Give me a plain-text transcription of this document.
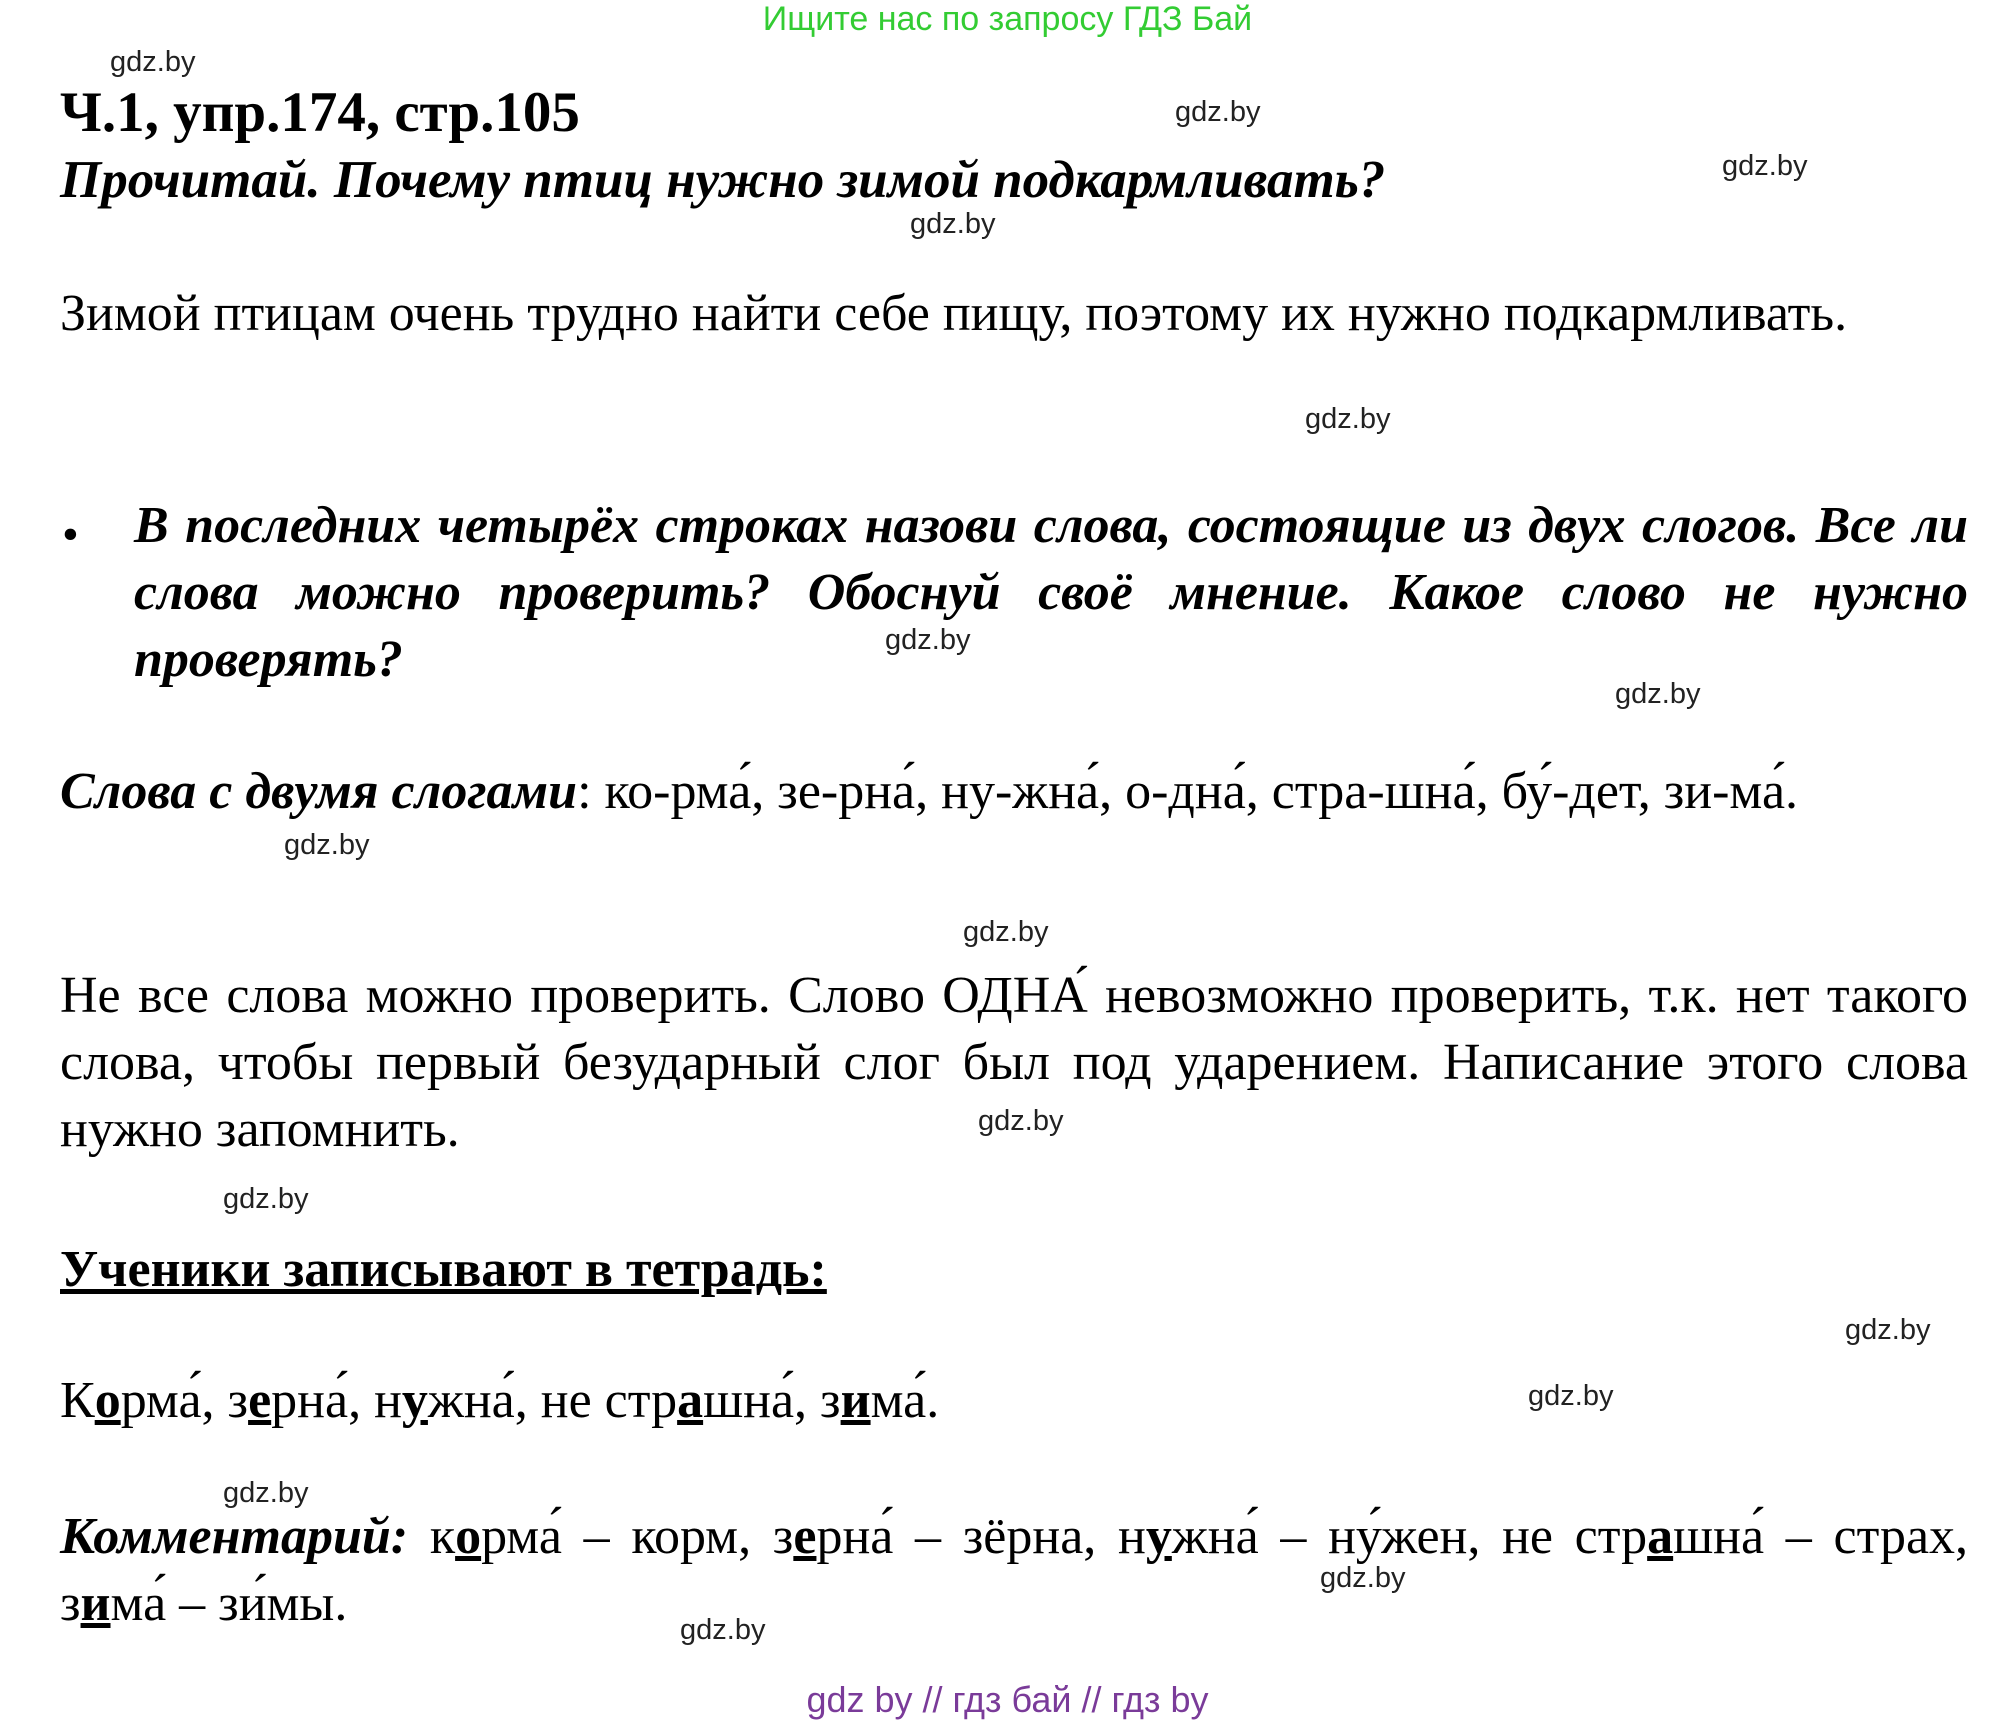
Ищите нас по запросу ГДЗ Бай
gdz.by
gdz.by
gdz.by
gdz.by
gdz.by
gdz.by
gdz.by
gdz.by
gdz.by
gdz.by
gdz.by
gdz.by
gdz.by
gdz.by
gdz.by
gdz.by
Ч.1, упр.174, стр.105
Прочитай. Почему птиц нужно зимой подкармливать?
Зимой птицам очень трудно найти себе пищу, поэтому их нужно подкармливать.
• В последних четырёх строках назови слова, состоящие из двух слогов. Все ли слова можно проверить? Обоснуй своё мнение. Какое слово не нужно проверять?
Слова с двумя слогами: ко-рма́, зе-рна́, ну-жна́, о-дна́, стра-шна́, бу́-дет, зи-ма́.
Не все слова можно проверить. Слово ОДНА́ невозможно проверить, т.к. нет такого слова, чтобы первый безударный слог был под ударением. Написание этого слова нужно запомнить.
Ученики записывают в тетрадь:
Корма́, зерна́, нужна́, не страшна́, зима́.
Комментарий: корма́ – корм, зерна́ – зёрна, нужна́ – ну́жен, не страшна́ – страх, зима́ – зи́мы.
gdz by // гдз бай // гдз by
